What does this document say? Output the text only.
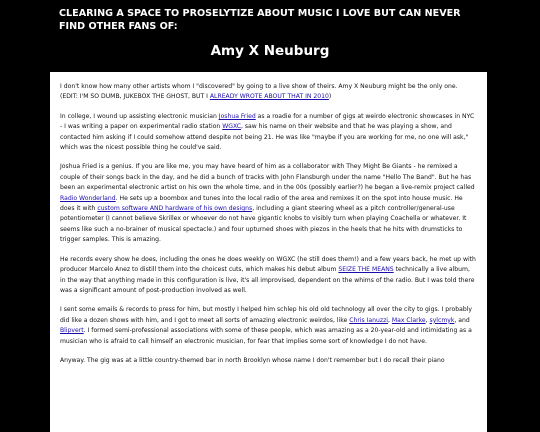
CLEARING A SPACE TO PROSELYTIZE ABOUT MUSIC I LOVE BUT CAN NEVER FIND OTHER FANS OF:
Amy X Neuburg

I don't know how many other artists whom I "discovered" by going to a live show of theirs. Amy X Neuburg might be the only one. (EDIT: I'M SO DUMB, JUKEBOX THE GHOST, BUT I ALREADY WROTE ABOUT THAT IN 2010)

In college, I wound up assisting electronic musician Joshua Fried as a roadie for a number of gigs at weirdo electronic showcases in NYC - I was writing a paper on experimental radio station WGXC, saw his name on their website and that he was playing a show, and contacted him asking if I could somehow attend despite not being 21. He was like "maybe if you are working for me, no one will ask," which was the nicest possible thing he could've said.

Joshua Fried is a genius. If you are like me, you may have heard of him as a collaborator with They Might Be Giants - he remixed a couple of their songs back in the day, and he did a bunch of tracks with John Flansburgh under the name "Hello The Band". But he has been an experimental electronic artist on his own the whole time, and in the 00s (possibly earlier?) he began a live-remix project called Radio Wonderland. He sets up a boombox and tunes into the local radio of the area and remixes it on the spot into house music. He does it with custom software AND hardware of his own designs, including a giant steering wheel as a pitch controller/general-use potentiometer (I cannot believe Skrillex or whoever do not have gigantic knobs to visibly turn when playing Coachella or whatever. It seems like such a no-brainer of musical spectacle.) and four upturned shoes with piezos in the heels that he hits with drumsticks to trigger samples. This is amazing.

He records every show he does, including the ones he does weekly on WGXC (he still does them!) and a few years back, he met up with producer Marcelo Anez to distill them into the choicest cuts, which makes his debut album SEIZE THE MEANS technically a live album, in the way that anything made in this configuration is live, it's all improvised, dependent on the whims of the radio. But I was told there was a significant amount of post-production involved as well.

I sent some emails & records to press for him, but mostly I helped him schlep his old old technology all over the city to gigs. I probably did like a dozen shows with him, and I got to meet all sorts of amazing electronic weirdos, like Chris Ianuzzi, Max Clarke, sylcmyk, and Blipvert. I formed semi-professional associations with some of these people, which was amazing as a 20-year-old and intimidating as a musician who is afraid to call himself an electronic musician, for fear that implies some sort of knowledge I do not have.

Anyway. The gig was at a little country-themed bar in north Brooklyn whose name I don't remember but I do recall their piano
